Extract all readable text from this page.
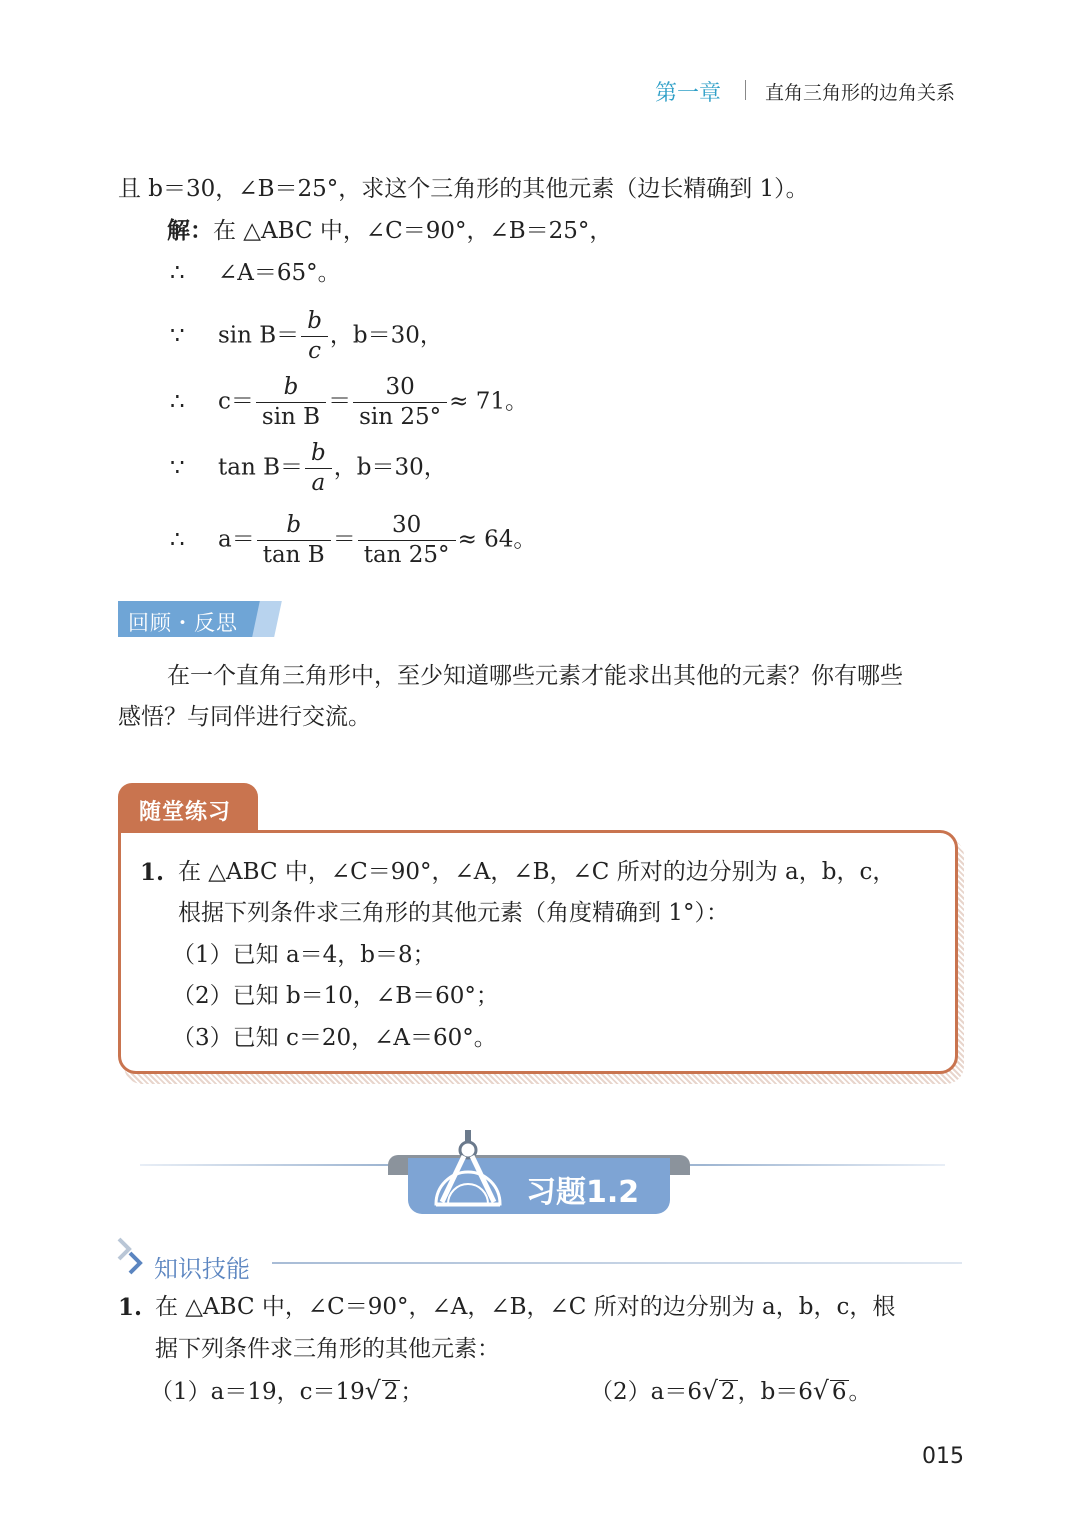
第一章 直角三角形的边角关系
且 b＝30，∠B＝25°，求这个三角形的其他元素（边长精确到 1）。
解：在 △ABC 中，∠C＝90°，∠B＝25°，
∴ ∠A＝65°。
∵ $\sin B= \frac{b}{c}$ ，b＝30，
∴ $c= \frac{b}{\text{sin B}} = \frac{30}{\sin 25^\circ} \approx 71$。
∵ $\tan B= \frac{b}{a}$ ，b＝30，
∴ $a= \frac{b}{\text{tan B}} = \frac{30}{\tan 25^\circ} \approx 64$。
回顾・反思
在一个直角三角形中，至少知道哪些元素才能求出其他的元素？你有哪些
感悟？与同伴进行交流。
随堂练习
1. 在 △ABC 中，∠C＝90°，∠A，∠B，∠C 所对的边分别为 a，b，c，
根据下列条件求三角形的其他元素（角度精确到 1°）：
（1）已知 a＝4，b＝8；
（2）已知 b＝10，∠B＝60°；
（3）已知 c＝20，∠A＝60°。
习题1.2
知识技能
1. 在 △ABC 中，∠C＝90°，∠A，∠B，∠C 所对的边分别为 a，b，c，根
据下列条件求三角形的其他元素：
（1）a＝19，c＝19√ 2；	（2）a＝6√ 2，b＝6√ 6。
015
